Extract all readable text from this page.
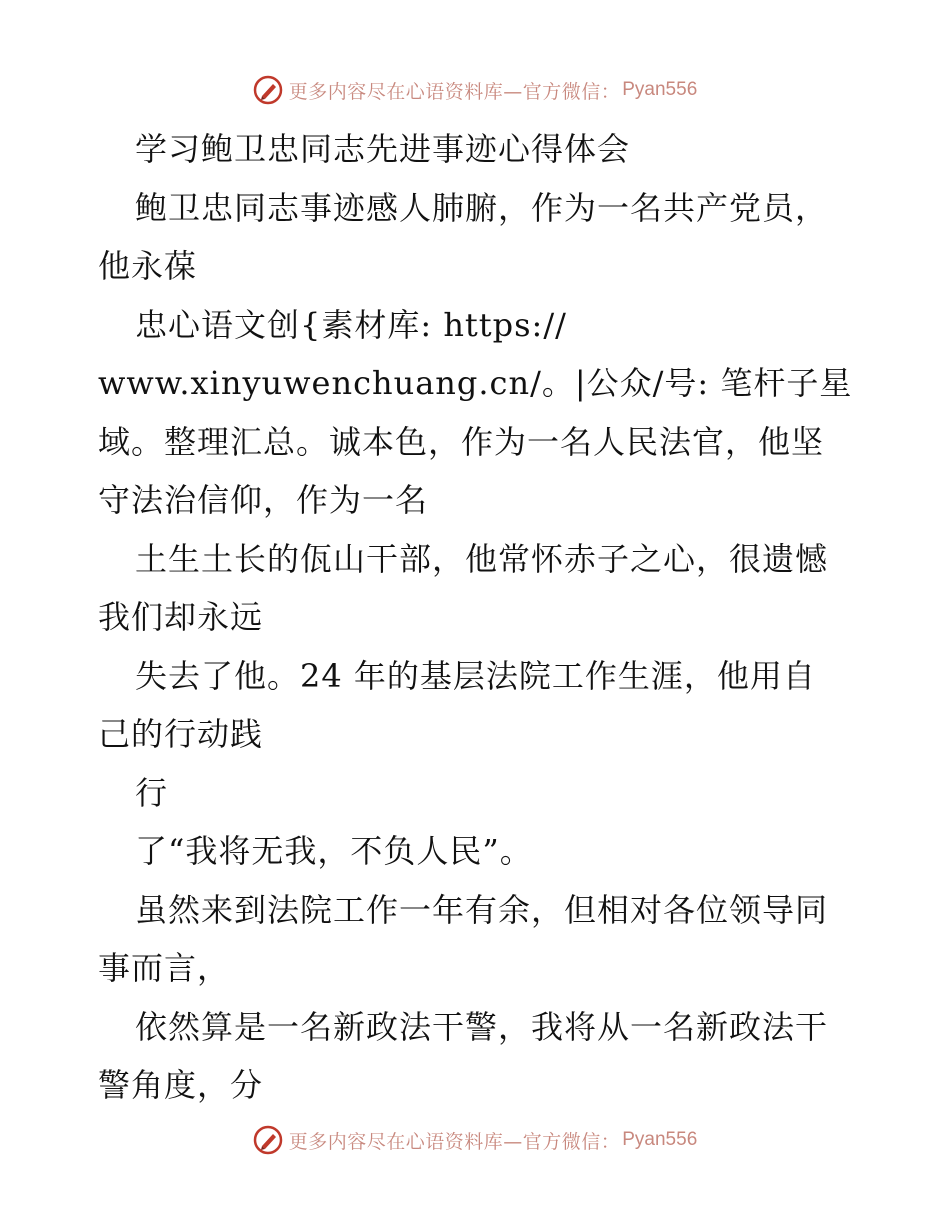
更多内容尽在心语资料库—官方微信： Pyan556
学习鲍卫忠同志先进事迹心得体会
鲍卫忠同志事迹感人肺腑，作为一名共产党员，
他永葆
忠心语文创{素材库: https://
www.xinyuwenchuang.cn/。|公众/号: 笔杆子星
域。整理汇总。诚本色，作为一名人民法官，他坚
守法治信仰，作为一名
土生土长的佤山干部，他常怀赤子之心，很遗憾
我们却永远
失去了他。24 年的基层法院工作生涯，他用自
己的行动践
行
了“我将无我，不负人民”。
虽然来到法院工作一年有余，但相对各位领导同
事而言，
依然算是一名新政法干警，我将从一名新政法干
警角度，分
更多内容尽在心语资料库—官方微信： Pyan556
